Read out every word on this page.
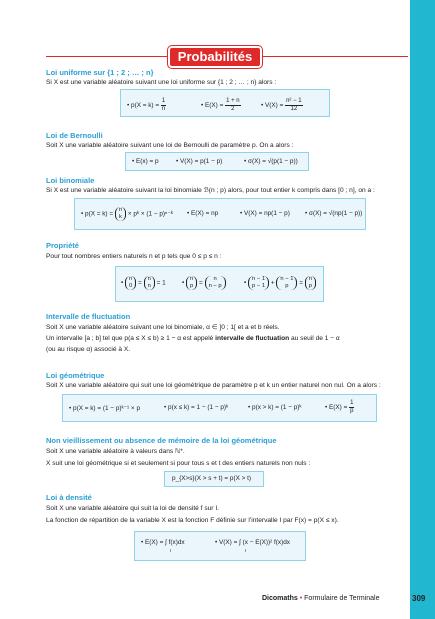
Probabilités
Loi uniforme sur {1 ; 2 ; … ; n}
Si X est une variable aléatoire suivant une loi uniforme sur {1 ; 2 ; … ; n} alors :
• $p(X = k) = \frac{1}{n}$	• $E(X) = \frac{1 + n}{2}$	• $V(X) = \frac{\text{n² − 1}}{12}$
Loi de Bernoulli
Soit X une variable aléatoire suivant une loi de Bernoulli de paramètre p. On a alors :
• E(x) = p	• V(X) = p(1 − p)	• σ(X) = √(p(1 − p))
Loi binomiale
Si X est une variable aléatoire suivant la loi binomiale ℬ(n ; p) alors, pour tout entier k compris dans [0 ; n], on a :
• p(X = k) =
n
k × pᵏ × (1 − p)ⁿ⁻ᵏ • E(X) = np	• V(X) = np(1 − p) • σ(X) = √(np(1 − p))
Propriété
Pour tout nombres entiers naturels n et p tels que 0 ≤ p ≤ n :
•
n
0 =
n
n = 1	•
n
p =
n
n − p	•
n − 1
p − 1 +
n − 1
p	=
n
p
Intervalle de fluctuation
Soit X une variable aléatoire suivant une loi binomiale, α ∈ ]0 ; 1[ et a et b réels.
Un intervalle [a ; b] tel que p(a ≤ X ≤ b) ≥ 1 − α est appelé intervalle de fluctuation au seuil de 1 − α
(ou au risque α) associé à X.
Loi géométrique
Soit X une variable aléatoire qui suit une loi géométrique de paramètre p et k un entier naturel non nul. On a alors :
• p(X = k) = (1 − p)ᵏ⁻¹ × p	• p(x ≤ k) = 1 − (1 − p)ᵏ	• p(x > k) = (1 − p)ᵏ	• $E(X) = \frac{1}{p}$
Non vieillissement ou absence de mémoire de la loi géométrique
Soit X une variable aléatoire à valeurs dans ℕ*.
X suit une loi géométrique si et seulement si pour tous s et t des entiers naturels non nuls :
p_{X>s}(X > s + t) = p(X > t)
Loi à densité
Soit X une variable aléatoire qui suit la loi de densité f sur I.
La fonction de répartition de la variable X est la fonction F définie sur l’intervalle I par F(x) = p(X ≤ x).
• E(X) = ∫ f(x)dx
I
• V(X) = ∫ (x − E(X))² f(x)dx
I
Dicomaths • Formulaire de Terminale	309
